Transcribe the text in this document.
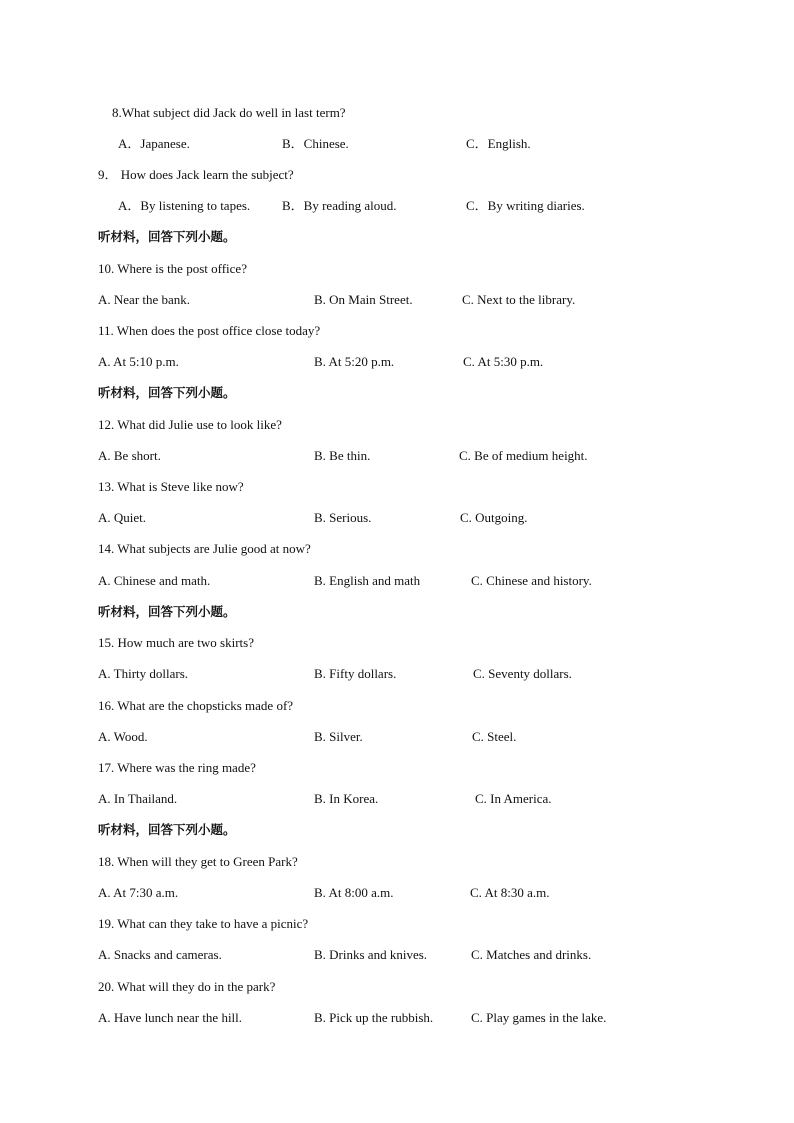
8.What subject did Jack do well in last term?
A．Japanese.	B．Chinese.	C．English.
9． How does Jack learn the subject?
A．By listening to tapes. B．By reading aloud.	C．By writing diaries.
听材料，回答下列小题。
10. Where is the post office?
A. Near the bank.	B. On Main Street.	C. Next to the library.
11. When does the post office close today?
A. At 5:10 p.m.	B. At 5:20 p.m.	C. At 5:30 p.m.
听材料，回答下列小题。
12. What did Julie use to look like?
A. Be short.	B. Be thin.	C. Be of medium height.
13. What is Steve like now?
A. Quiet.	B. Serious.	C. Outgoing.
14. What subjects are Julie good at now?
A. Chinese and math.	B. English and math	C. Chinese and history.
听材料，回答下列小题。
15. How much are two skirts?
A. Thirty dollars.	B. Fifty dollars.	C. Seventy dollars.
16. What are the chopsticks made of?
A. Wood.	B. Silver.	C. Steel.
17. Where was the ring made?
A. In Thailand.	B. In Korea.	C. In America.
听材料，回答下列小题。
18. When will they get to Green Park?
A. At 7:30 a.m.	B. At 8:00 a.m.	C. At 8:30 a.m.
19. What can they take to have a picnic?
A. Snacks and cameras.	B. Drinks and knives.	C. Matches and drinks.
20. What will they do in the park?
A. Have lunch near the hill.	B. Pick up the rubbish.	C. Play games in the lake.
